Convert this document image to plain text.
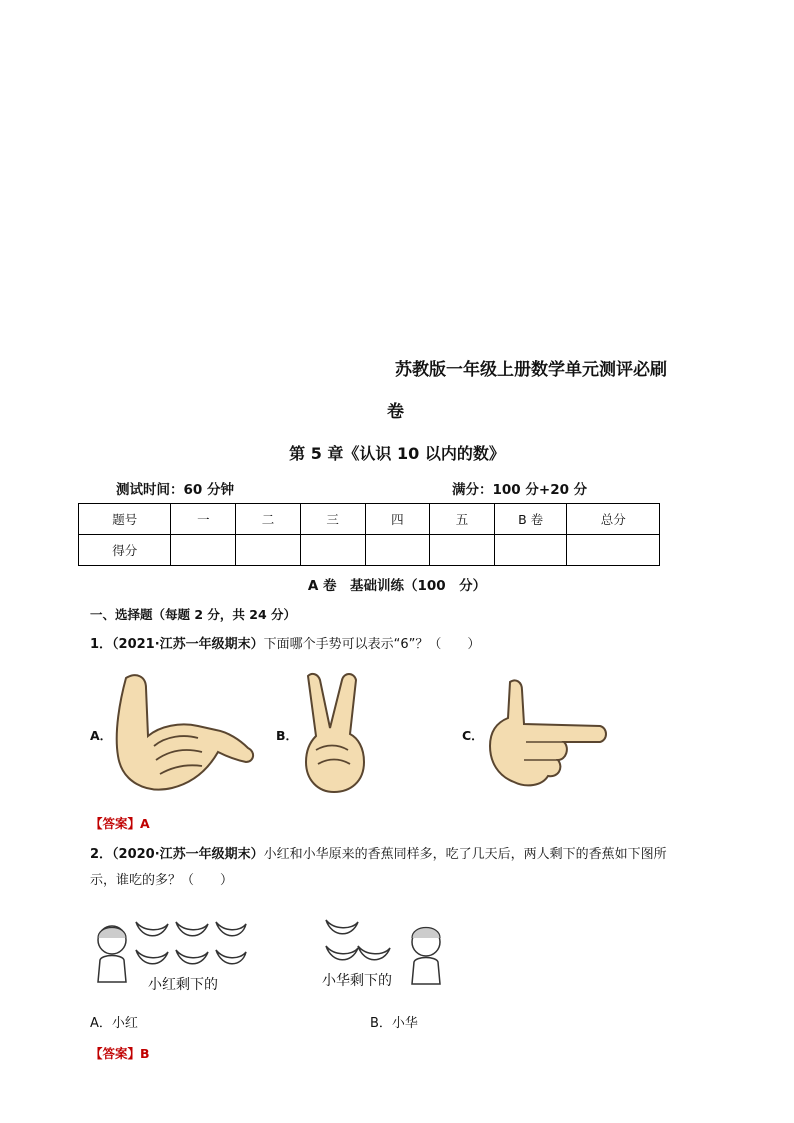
苏教版一年级上册数学单元测评必刷
卷
第 5 章《认识 10 以内的数》
测试时间：60 分钟	满分：100 分+20 分
题号	一	二	三	四	五	B 卷	总分
得分							
A 卷　基础训练（100　分）
一、选择题（每题 2 分，共 24 分）
1．（2021·江苏一年级期末）下面哪个手势可以表示“6”？（　　）
A．	B．	C．
【答案】A
2．（2020·江苏一年级期末）小红和小华原来的香蕉同样多，吃了几天后，两人剩下的香蕉如下图所
示，谁吃的多？（　　）
小红剩下的	小华剩下的
A．小红	B．小华
【答案】B
